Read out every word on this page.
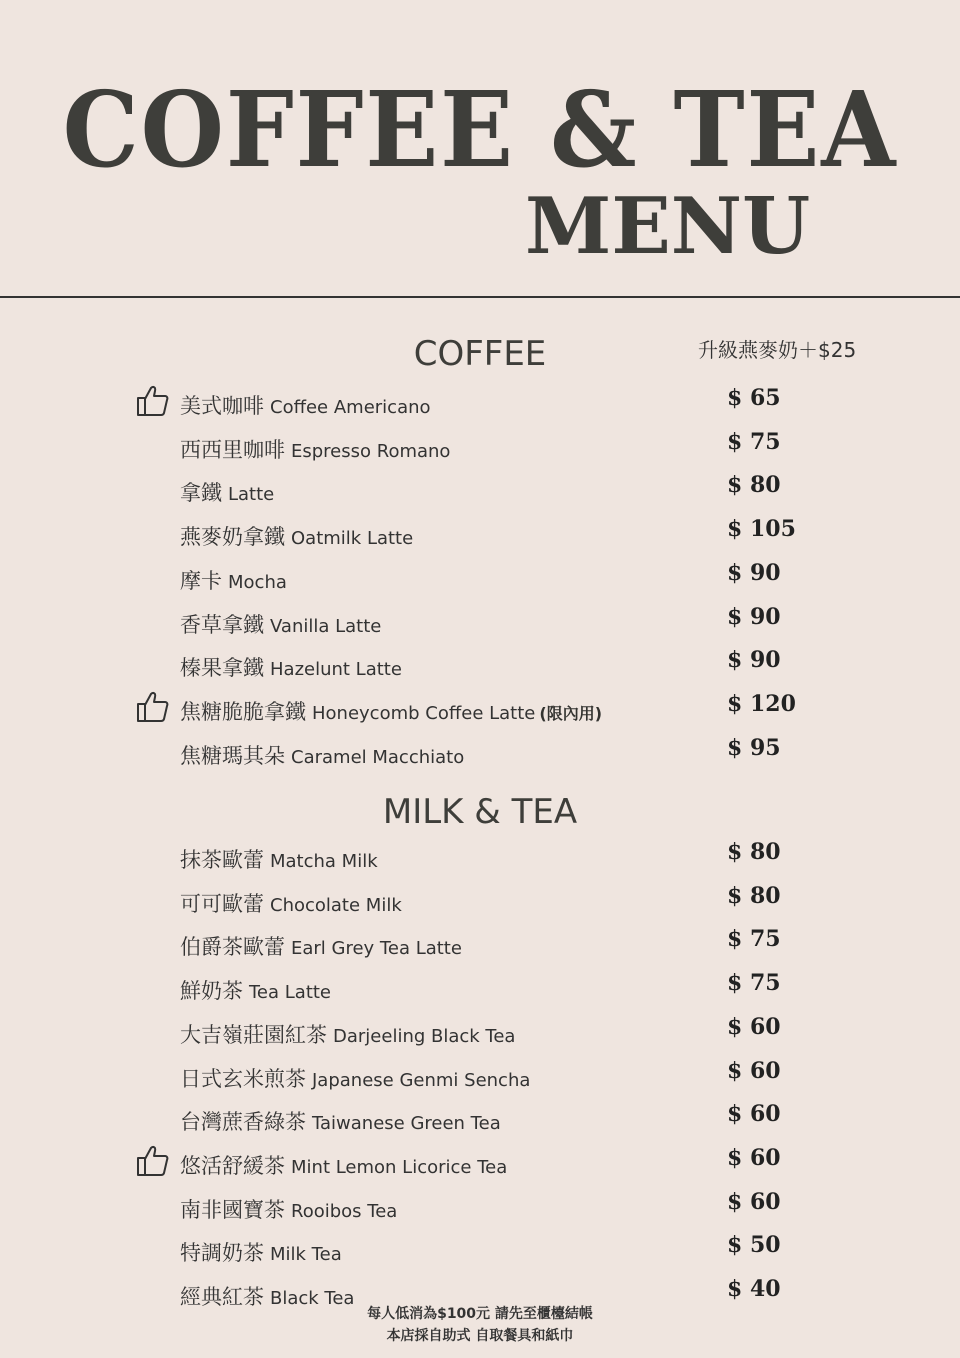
COFFEE & TEA
MENU
COFFEE	升級燕麥奶＋$25
美式咖啡 Coffee Americano	$ 65
西西里咖啡 Espresso Romano	$ 75
拿鐵 Latte	$ 80
燕麥奶拿鐵 Oatmilk Latte	$ 105
摩卡 Mocha	$ 90
香草拿鐵 Vanilla Latte	$ 90
榛果拿鐵 Hazelunt Latte	$ 90
焦糖脆脆拿鐵 Honeycomb Coffee Latte (限內用)	$ 120
焦糖瑪其朵 Caramel Macchiato	$ 95
MILK & TEA
抹茶歐蕾 Matcha Milk	$ 80
可可歐蕾 Chocolate Milk	$ 80
伯爵茶歐蕾 Earl Grey Tea Latte	$ 75
鮮奶茶 Tea Latte	$ 75
大吉嶺莊園紅茶 Darjeeling Black Tea	$ 60
日式玄米煎茶 Japanese Genmi Sencha	$ 60
台灣蔗香綠茶 Taiwanese Green Tea	$ 60
悠活舒緩茶 Mint Lemon Licorice Tea	$ 60
南非國寶茶 Rooibos Tea	$ 60
特調奶茶 Milk Tea	$ 50
經典紅茶 Black Tea	$ 40
每人低消為$100元 請先至櫃檯結帳
本店採自助式 自取餐具和紙巾
